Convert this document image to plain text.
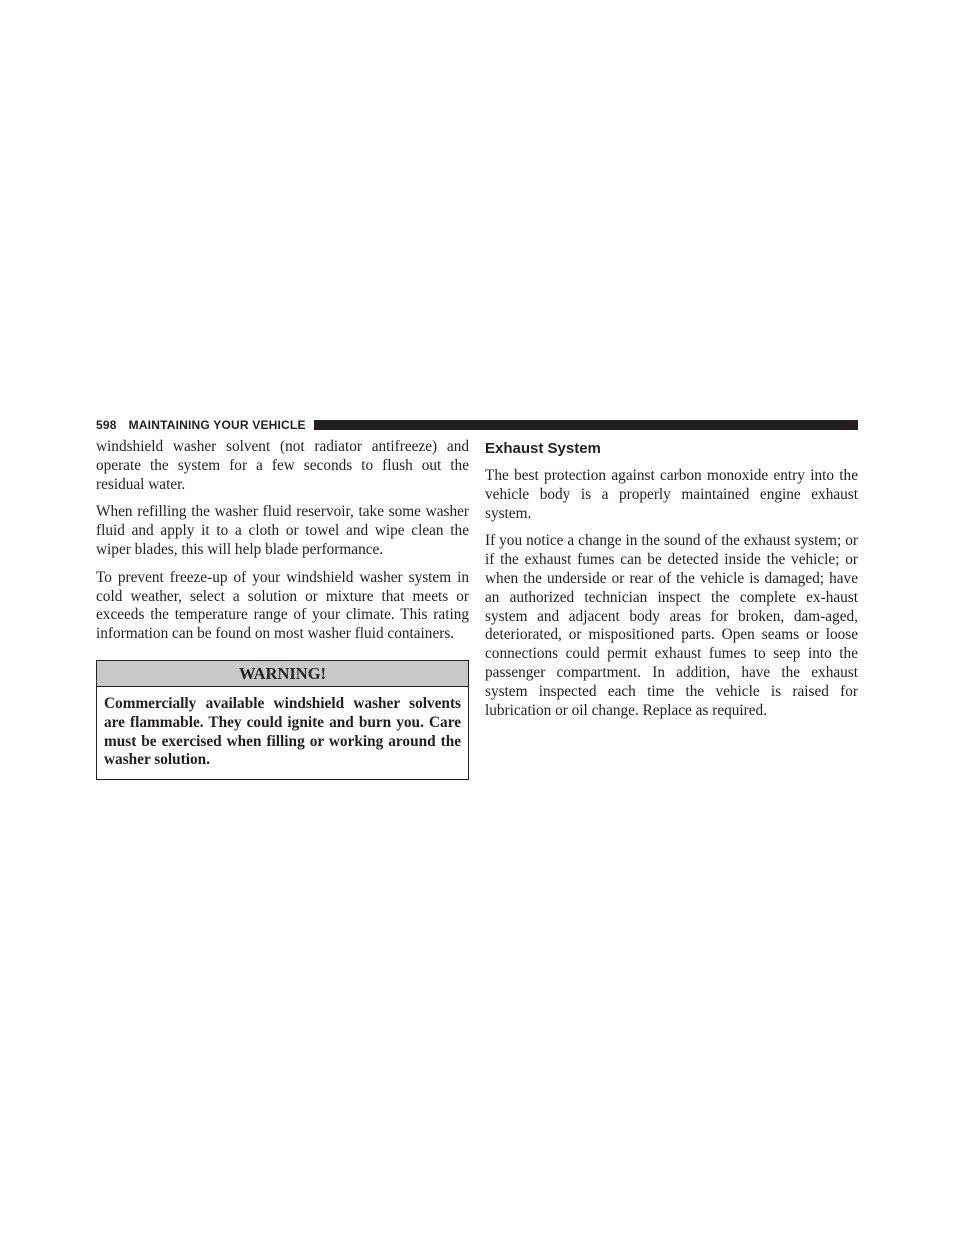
598 MAINTAINING YOUR VEHICLE

windshield washer solvent (not radiator antifreeze) and operate the system for a few seconds to flush out the residual water.

When refilling the washer fluid reservoir, take some washer fluid and apply it to a cloth or towel and wipe clean the wiper blades, this will help blade performance.

To prevent freeze-up of your windshield washer system in cold weather, select a solution or mixture that meets or exceeds the temperature range of your climate. This rating information can be found on most washer fluid containers.

WARNING!
Commercially available windshield washer solvents are flammable. They could ignite and burn you. Care must be exercised when filling or working around the washer solution.
Exhaust System

The best protection against carbon monoxide entry into the vehicle body is a properly maintained engine exhaust system.

If you notice a change in the sound of the exhaust system; or if the exhaust fumes can be detected inside the vehicle; or when the underside or rear of the vehicle is damaged; have an authorized technician inspect the complete ex-haust system and adjacent body areas for broken, dam-aged, deteriorated, or mispositioned parts. Open seams or loose connections could permit exhaust fumes to seep into the passenger compartment. In addition, have the exhaust system inspected each time the vehicle is raised for lubrication or oil change. Replace as required.
